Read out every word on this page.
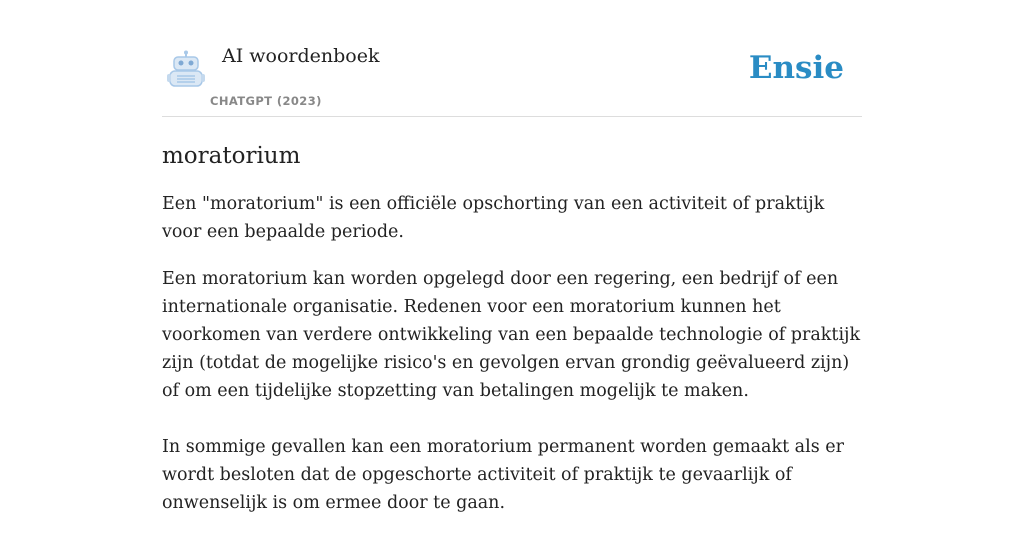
AI woordenboek
CHATGPT (2023)
Ensie
moratorium

Een "moratorium" is een officiële opschorting van een activiteit of praktijk voor een bepaalde periode.

Een moratorium kan worden opgelegd door een regering, een bedrijf of een internationale organisatie. Redenen voor een moratorium kunnen het voorkomen van verdere ontwikkeling van een bepaalde technologie of praktijk zijn (totdat de mogelijke risico's en gevolgen ervan grondig geëvalueerd zijn) of om een tijdelijke stopzetting van betalingen mogelijk te maken.

In sommige gevallen kan een moratorium permanent worden gemaakt als er wordt besloten dat de opgeschorte activiteit of praktijk te gevaarlijk of onwenselijk is om ermee door te gaan.
